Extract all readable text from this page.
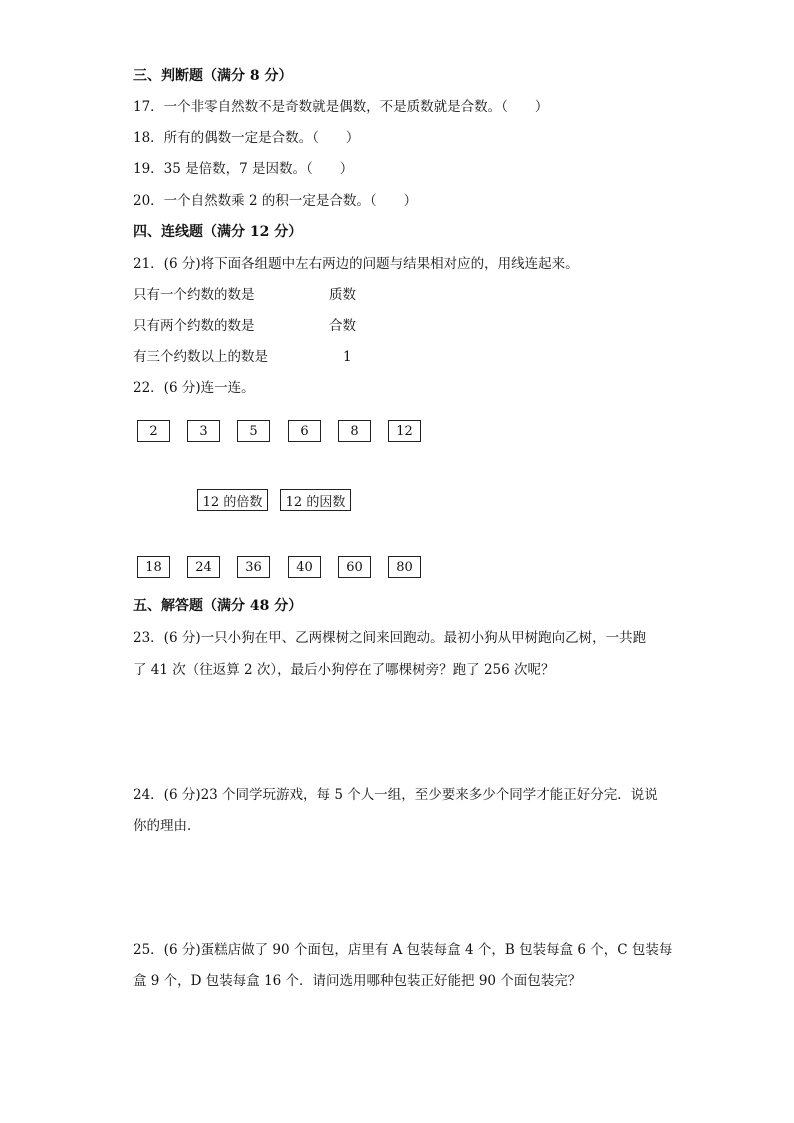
三、判断题（满分 8 分）
17．一个非零自然数不是奇数就是偶数，不是质数就是合数。（　　）
18．所有的偶数一定是合数。（　　）
19．35 是倍数，7 是因数。（　　）
20．一个自然数乘 2 的积一定是合数。（　　）
四、连线题（满分 12 分）
21．(6 分)将下面各组题中左右两边的问题与结果相对应的，用线连起来。
只有一个约数的数是	质数
只有两个约数的数是	合数
有三个约数以上的数是	1
22．(6 分)连一连。
2	3	5	6	8	12
12 的倍数	12 的因数
18	24	36	40	60	80
五、解答题（满分 48 分）
23．(6 分)一只小狗在甲、乙两棵树之间来回跑动。最初小狗从甲树跑向乙树，一共跑
了 41 次（往返算 2 次），最后小狗停在了哪棵树旁？跑了 256 次呢？
24．(6 分)23 个同学玩游戏，每 5 个人一组，至少要来多少个同学才能正好分完．说说
你的理由．
25．(6 分)蛋糕店做了 90 个面包，店里有 A 包装每盒 4 个，B 包装每盒 6 个，C 包装每
盒 9 个，D 包装每盒 16 个．请问选用哪种包装正好能把 90 个面包装完？
